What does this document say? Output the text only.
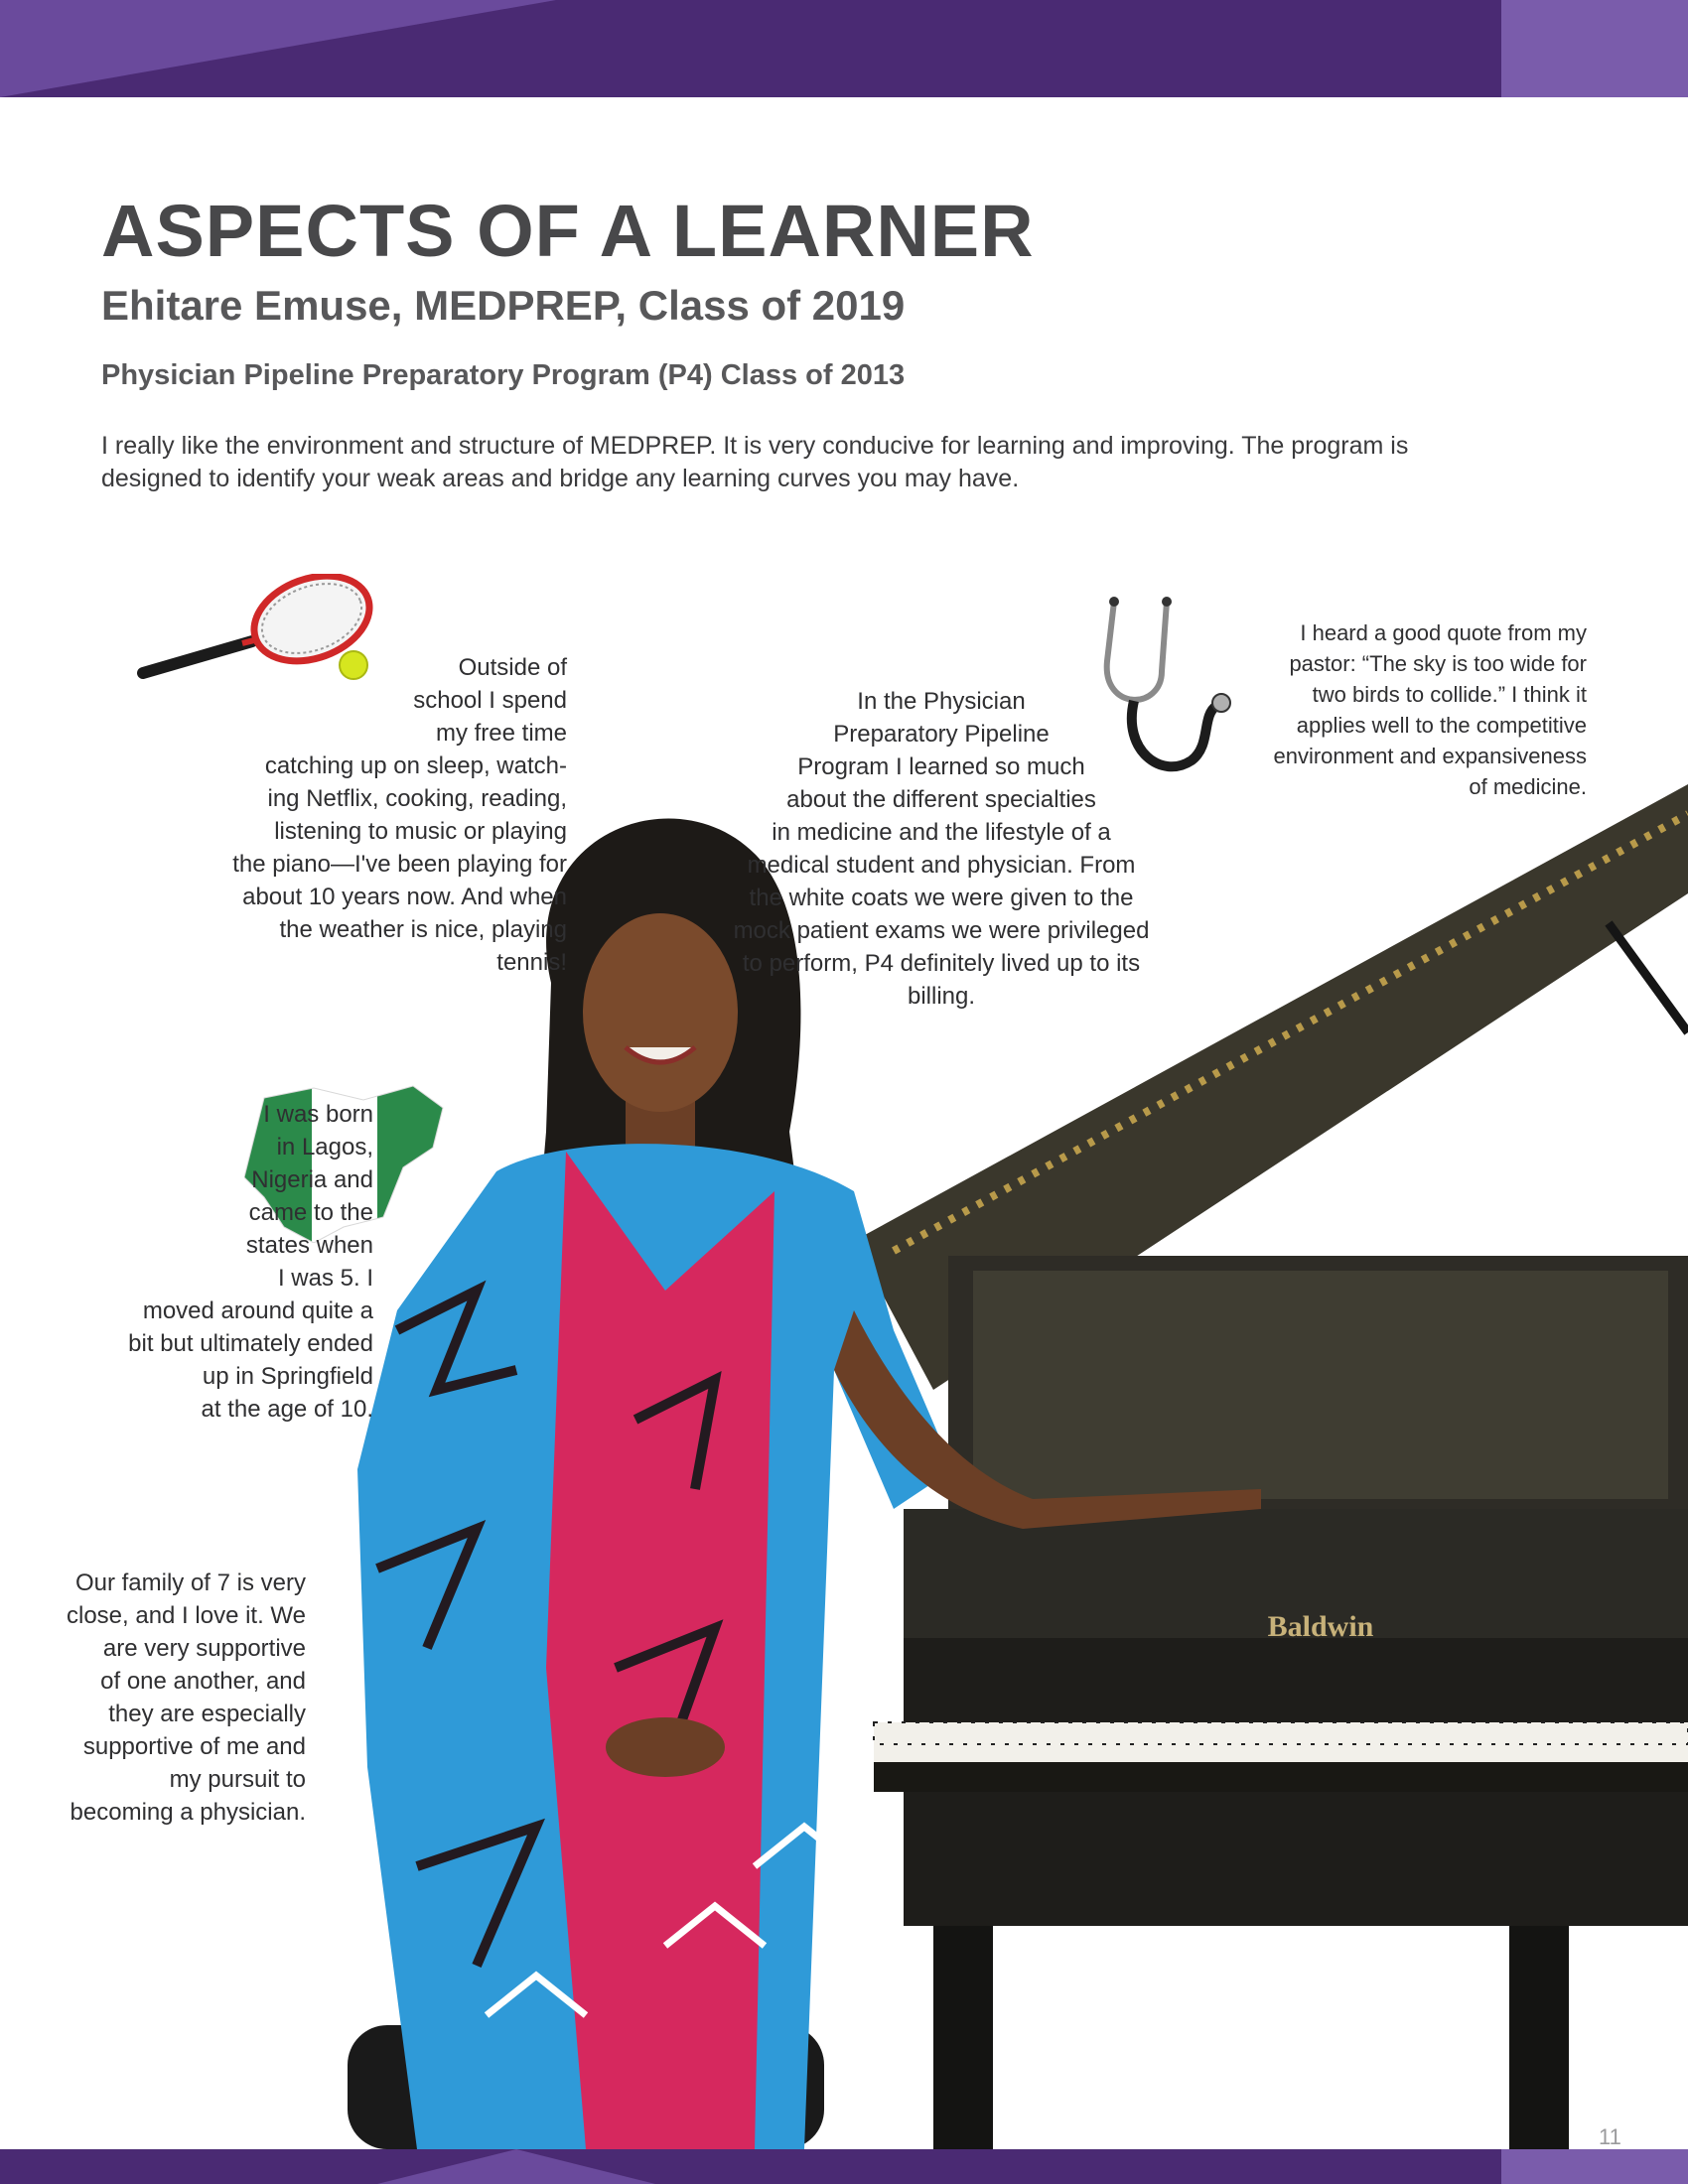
ASPECTS OF A LEARNER
Ehitare Emuse, MEDPREP, Class of 2019
Physician Pipeline Preparatory Program (P4) Class of 2013

I really like the environment and structure of MEDPREP. It is very conducive for learning and improving. The program is designed to identify your weak areas and bridge any learning curves you may have.

Baldwin
Outside of
school I spend
my free time
catching up on sleep, watch-
ing Netflix, cooking, reading,
listening to music or playing
the piano—I've been playing for
about 10 years now. And when
the weather is nice, playing
tennis!
In the Physician
Preparatory Pipeline
Program I learned so much
about the different specialties
in medicine and the lifestyle of a
medical student and physician. From
the white coats we were given to the
mock patient exams we were privileged
to perform, P4 definitely lived up to its
billing.
I heard a good quote from my
pastor: “The sky is too wide for
two birds to collide.” I think it
applies well to the competitive
environment and expansiveness
of medicine.
I was born
in Lagos,
Nigeria and
came to the
states when
I was 5. I
moved around quite a
bit but ultimately ended
up in Springfield
at the age of 10.
Our family of 7 is very
close, and I love it. We
are very supportive
of one another, and
they are especially
supportive of me and
my pursuit to
becoming a physician.
11
